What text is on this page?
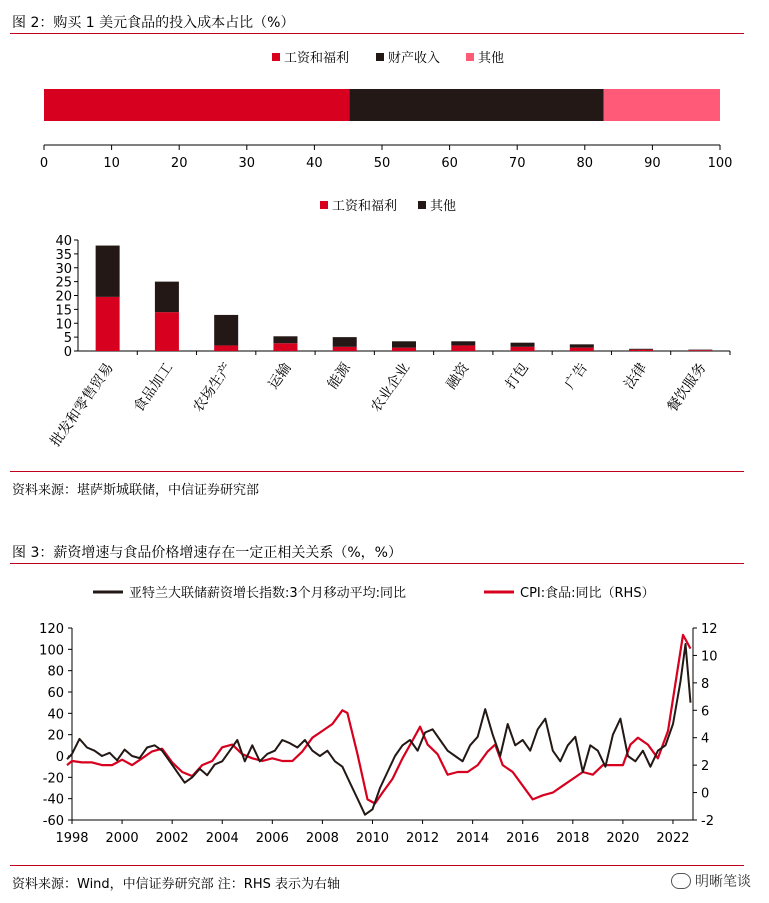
图 2：购买 1 美元食品的投入成本占比（%）
工资和福利	财产收入	其他
0	10	20	30	40	50	60	70	80	90	100
工资和福利	其他
0
5
10
15
20
25
30
35
40
批发和零售贸易 食品加工 农场生产 运输 能源 农业企业 融资 打包 广告 法律 餐饮服务
资料来源：堪萨斯城联储，中信证券研究部
图 3：薪资增速与食品价格增速存在一定正相关关系（%，%）
亚特兰大联储薪资增长指数:3个月移动平均:同比	CPI:食品:同比（RHS）
-60
-40
-20
0
20
40
60
80
100
120
-2
0
2
4
6
8
10
12
1998 2000 2002 2004 2006 2008 2010 2012 2014 2016 2018 2020 2022
资料来源：Wind，中信证券研究部 注：RHS 表示为右轴	明晰笔谈
